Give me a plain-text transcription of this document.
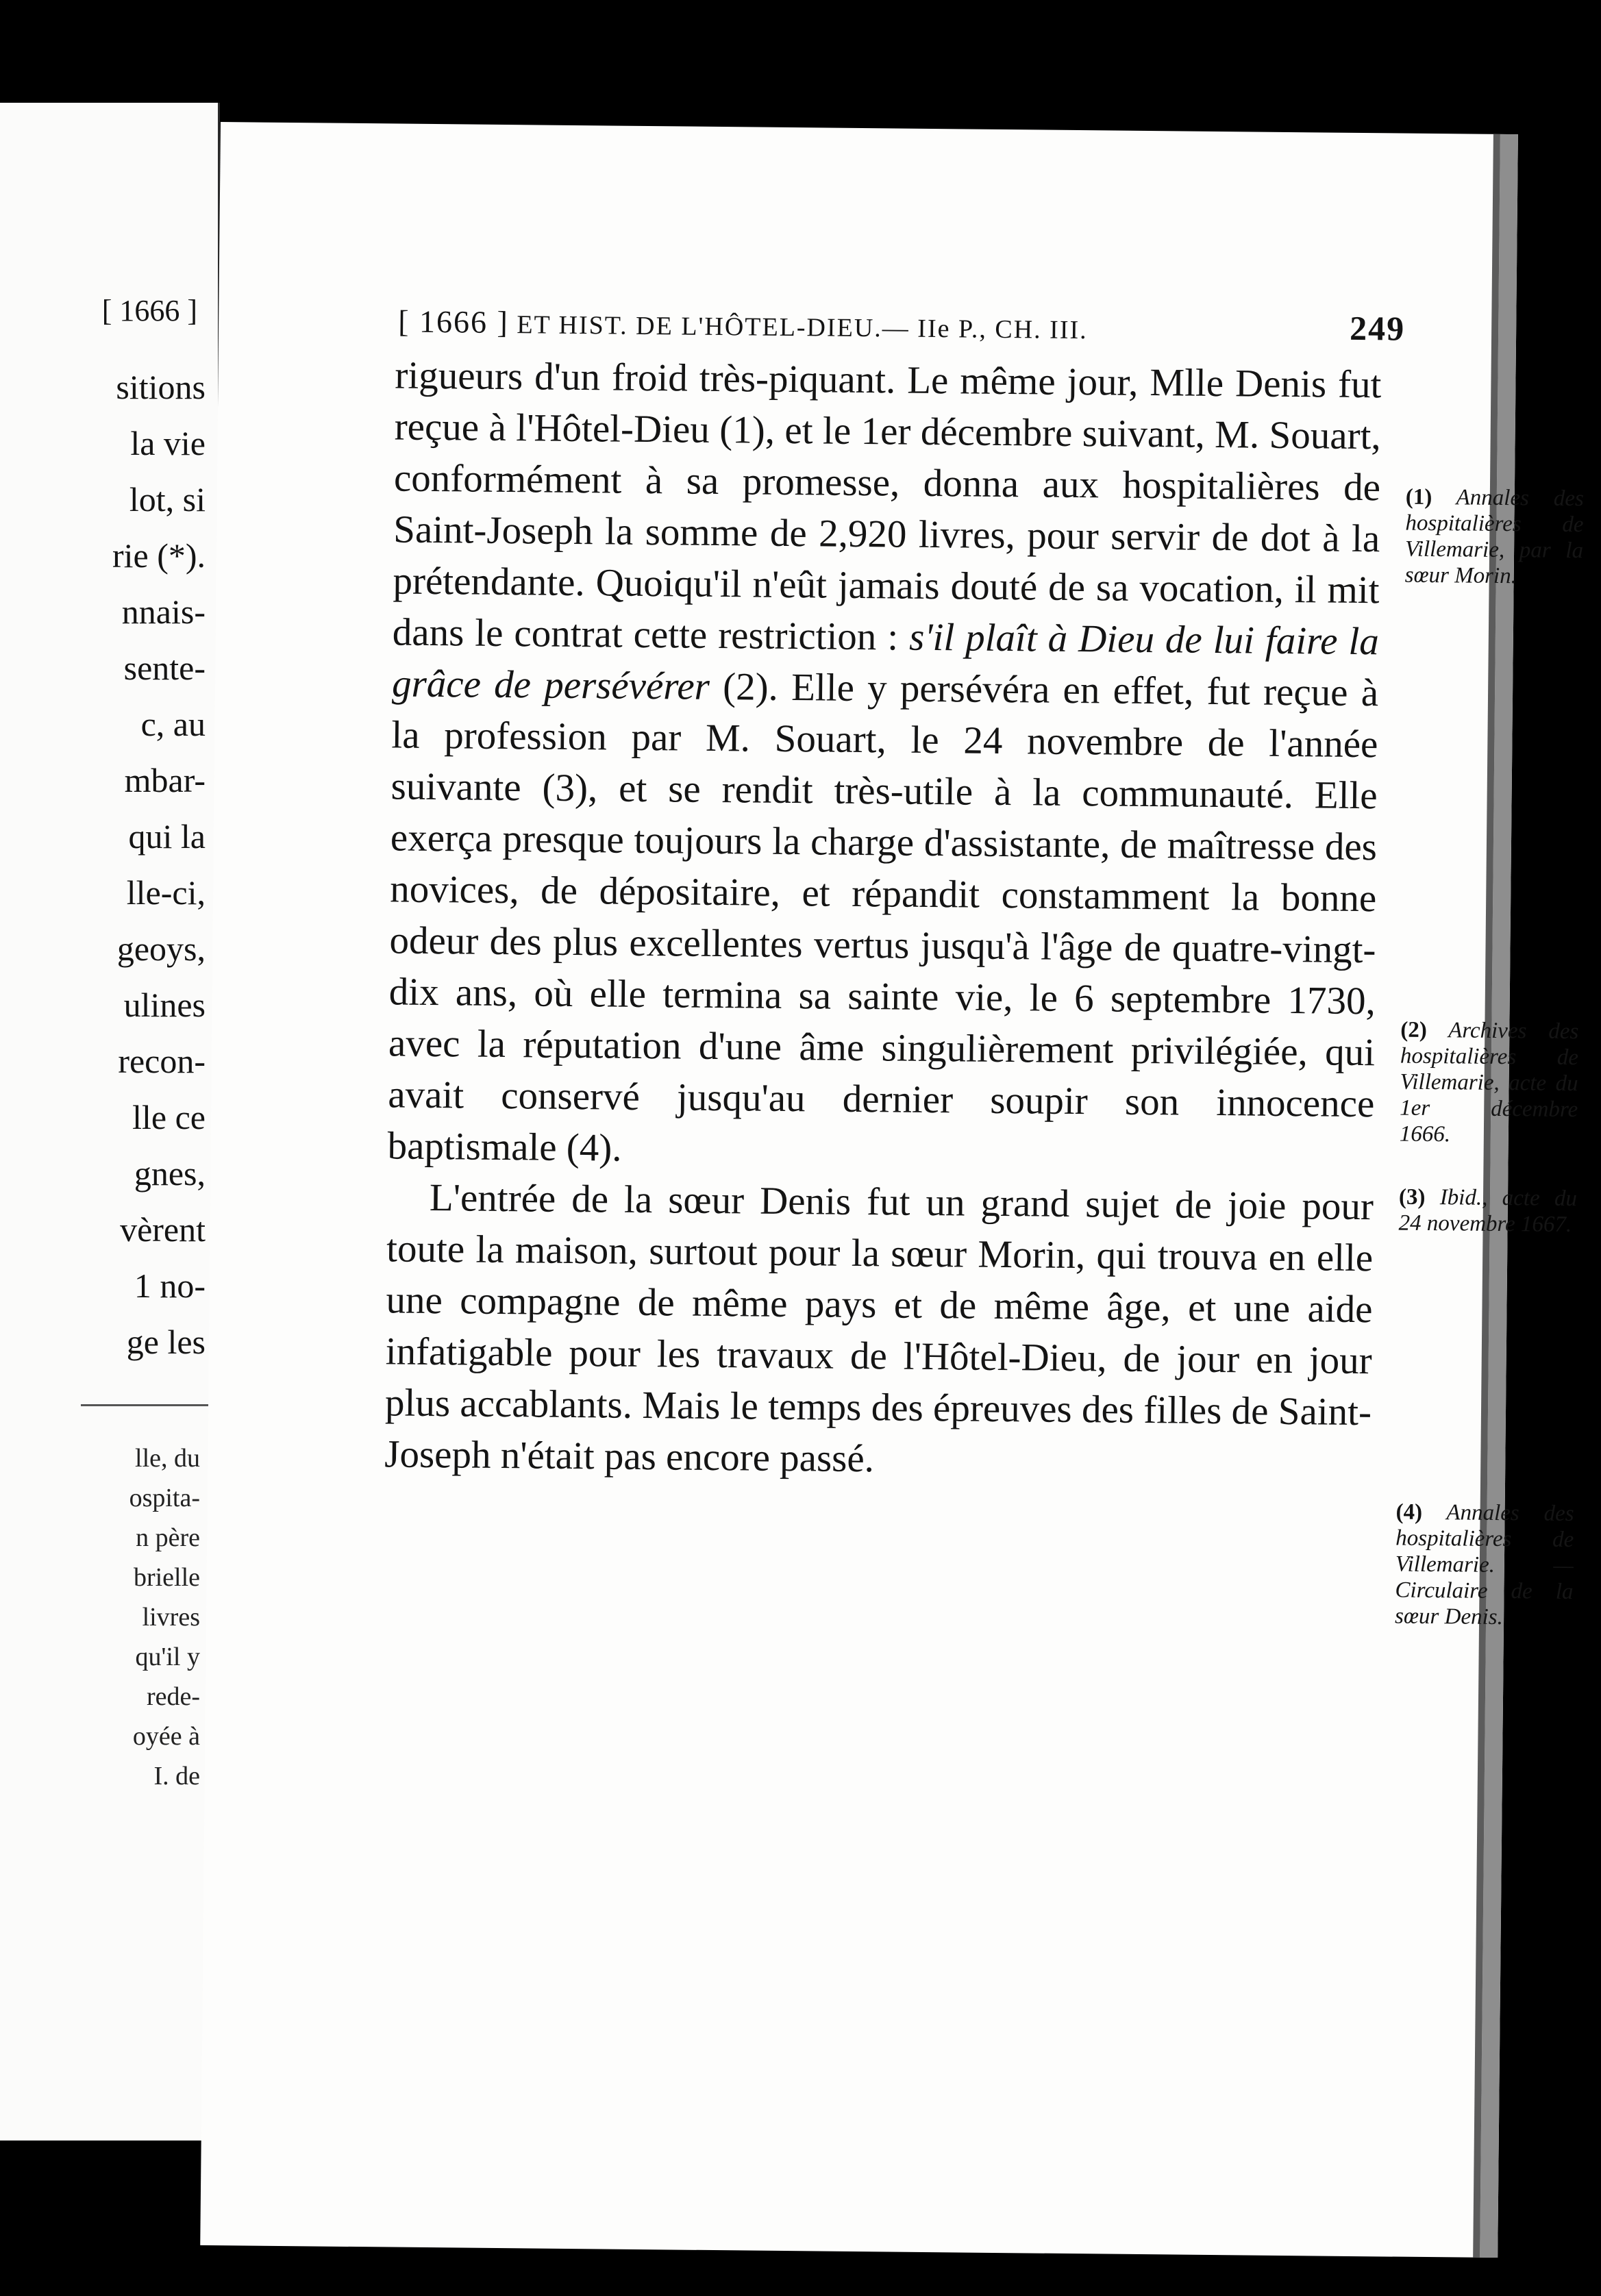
[ 1666 ]
sitions
la vie
lot, si
rie (*).
nnais-
sente-
c, au
mbar-
qui la
lle-ci,
geoys,
ulines
recon-
lle ce
gnes,
vèrent
1 no-
ge les
lle, du
ospita-
n père
brielle
livres
qu'il y
rede-
oyée à
I. de
[ 1666 ] ET HIST. DE L'HÔTEL-DIEU.— IIe P., CH. III.	249

rigueurs d'un froid très-piquant. Le même jour, Mlle Denis fut reçue à l'Hôtel-Dieu (1), et le 1er décembre suivant, M. Souart, conformément à sa promesse, donna aux hospitalières de Saint-Joseph la somme de 2,920 livres, pour servir de dot à la prétendante. Quoiqu'il n'eût jamais douté de sa vocation, il mit dans le contrat cette restriction : s'il plaît à Dieu de lui faire la grâce de persévérer (2). Elle y persévéra en effet, fut reçue à la profession par M. Souart, le 24 novembre de l'année suivante (3), et se rendit très-utile à la communauté. Elle exerça presque toujours la charge d'assistante, de maîtresse des novices, de dépositaire, et répandit constamment la bonne odeur des plus excellentes vertus jusqu'à l'âge de quatre-vingt-dix ans, où elle termina sa sainte vie, le 6 septembre 1730, avec la réputation d'une âme singulièrement privilégiée, qui avait conservé jusqu'au dernier soupir son innocence baptismale (4).

L'entrée de la sœur Denis fut un grand sujet de joie pour toute la maison, surtout pour la sœur Morin, qui trouva en elle une compagne de même pays et de même âge, et une aide infatigable pour les travaux de l'Hôtel-Dieu, de jour en jour plus accablants. Mais le temps des épreuves des filles de Saint-Joseph n'était pas encore passé.

(1) Annales des hospitalières de Villemarie, par la sœur Morin.
(2) Archives des hospitalières de Villemarie, acte du 1er décembre 1666.
(3) Ibid., acte du 24 novembre 1667.
(4) Annales des hospitalières de Villemarie. — Circulaire de la sœur Denis.
